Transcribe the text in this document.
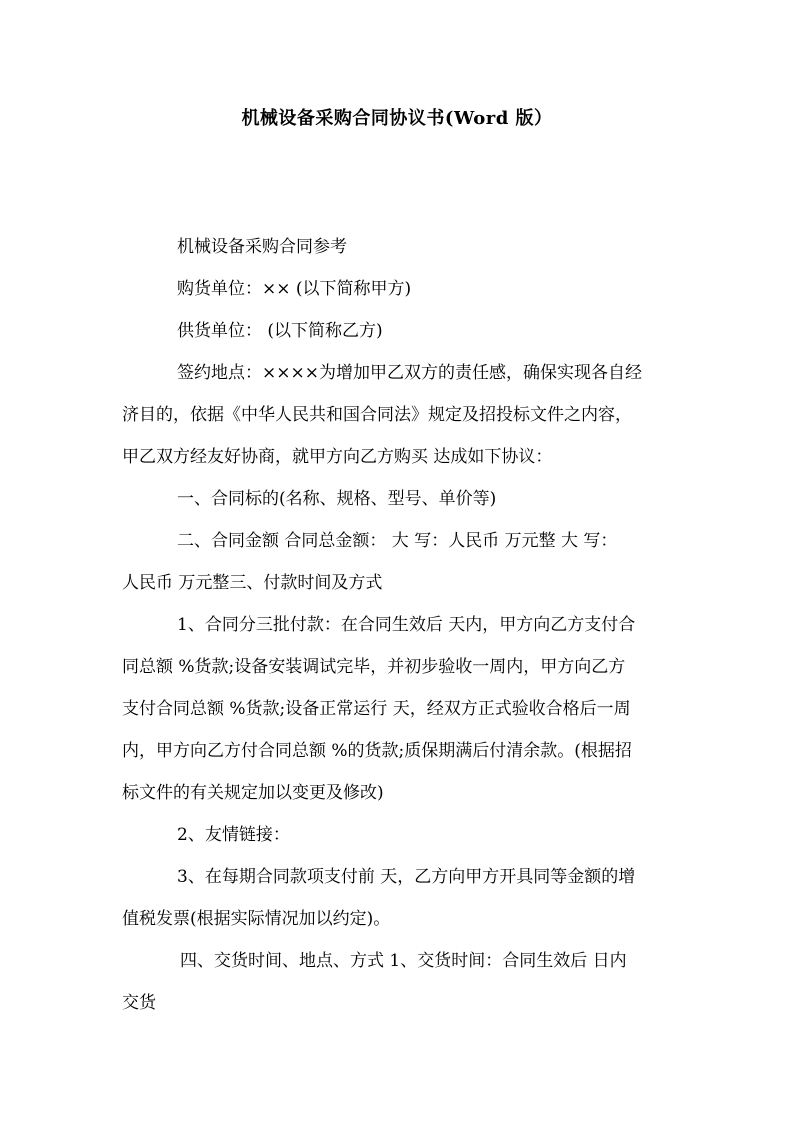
机械设备采购合同协议书(Word 版）
机械设备采购合同参考
购货单位：×× (以下简称甲方)
供货单位： (以下简称乙方)
签约地点：××××为增加甲乙双方的责任感，确保实现各自经
济目的，依据《中华人民共和国合同法》规定及招投标文件之内容，
甲乙双方经友好协商，就甲方向乙方购买 达成如下协议：
一、合同标的(名称、规格、型号、单价等)
二、合同金额 合同总金额： 大 写：人民币 万元整 大 写：
人民币 万元整三、付款时间及方式
1、合同分三批付款：在合同生效后 天内，甲方向乙方支付合
同总额 %货款;设备安装调试完毕，并初步验收一周内，甲方向乙方
支付合同总额 %货款;设备正常运行 天，经双方正式验收合格后一周
内，甲方向乙方付合同总额 %的货款;质保期满后付清余款。(根据招
标文件的有关规定加以变更及修改)
2、友情链接：
3、在每期合同款项支付前 天，乙方向甲方开具同等金额的增
值税发票(根据实际情况加以约定)。
四、交货时间、地点、方式 1、交货时间：合同生效后 日内
交货
